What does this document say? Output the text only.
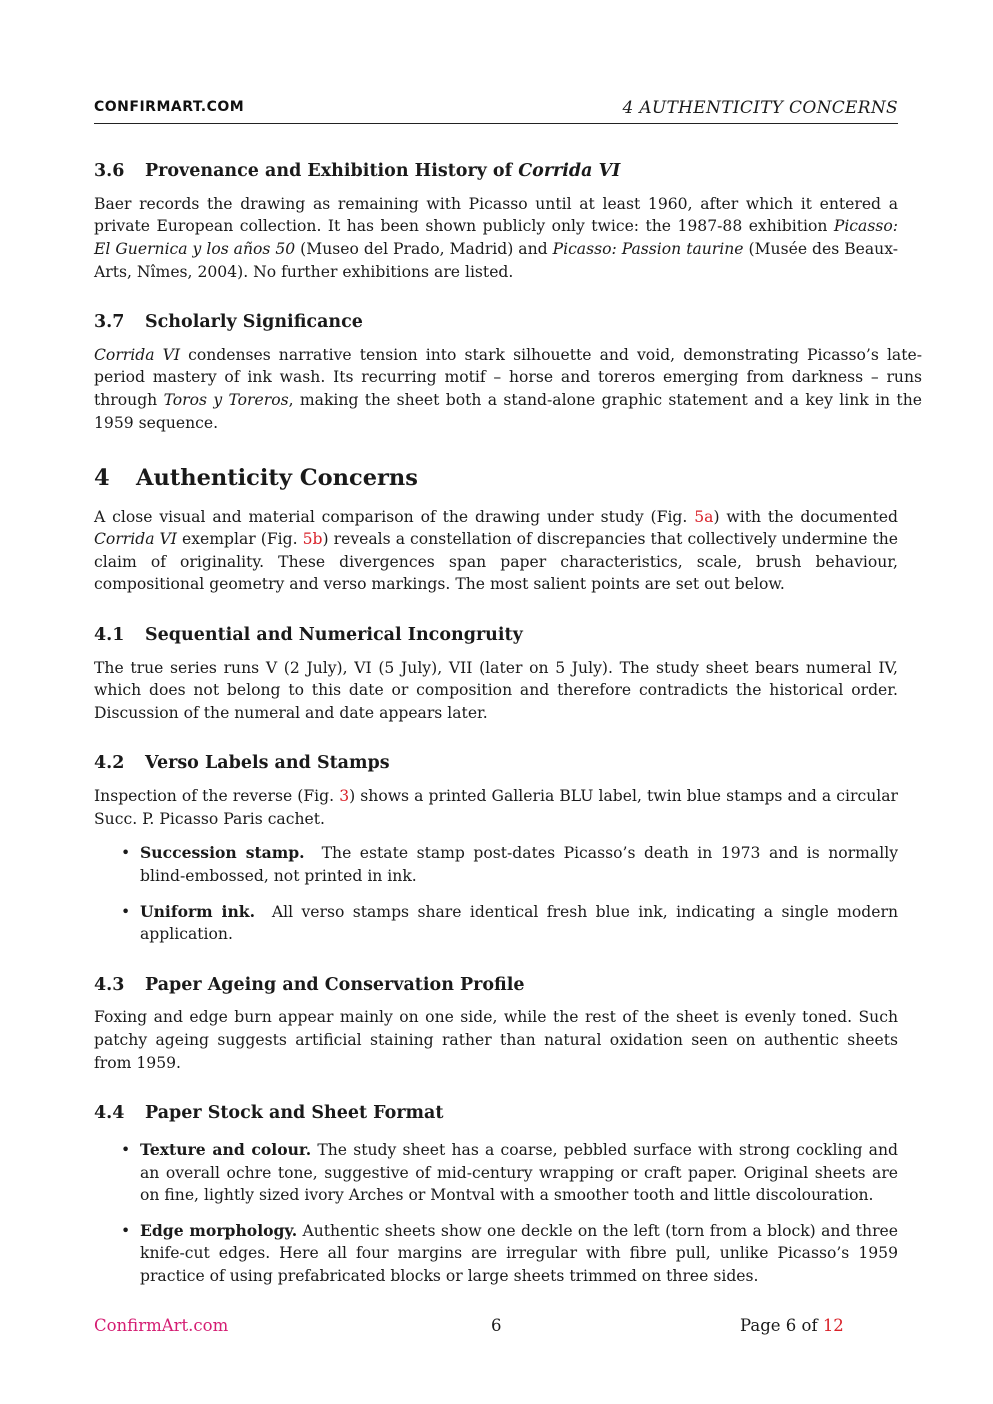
CONFIRMART.COM	4 AUTHENTICITY CONCERNS
3.6 Provenance and Exhibition History of Corrida VI

Baer records the drawing as remaining with Picasso until at least 1960, after which it entered a private European collection. It has been shown publicly only twice: the 1987-88 exhibition Picasso: El Guernica y los años 50 (Museo del Prado, Madrid) and Picasso: Passion taurine (Musée des Beaux-Arts, Nîmes, 2004). No further exhibitions are listed.

3.7 Scholarly Significance

Corrida VI condenses narrative tension into stark silhouette and void, demonstrating Picasso’s late-period mastery of ink wash. Its recurring motif – horse and toreros emerging from darkness – runs through Toros y Toreros, making the sheet both a stand-alone graphic statement and a key link in the 1959 sequence.

4 Authenticity Concerns

A close visual and material comparison of the drawing under study (Fig. 5a) with the documented Corrida VI exemplar (Fig. 5b) reveals a constellation of discrepancies that collectively undermine the claim of originality. These divergences span paper characteristics, scale, brush behaviour, compositional geometry and verso markings. The most salient points are set out below.

4.1 Sequential and Numerical Incongruity

The true series runs V (2 July), VI (5 July), VII (later on 5 July). The study sheet bears numeral IV, which does not belong to this date or composition and therefore contradicts the historical order. Discussion of the numeral and date appears later.

4.2 Verso Labels and Stamps

Inspection of the reverse (Fig. 3) shows a printed Galleria BLU label, twin blue stamps and a circular Succ. P. Picasso Paris cachet.

• Succession stamp. The estate stamp post-dates Picasso’s death in 1973 and is normally blind-embossed, not printed in ink.
• Uniform ink. All verso stamps share identical fresh blue ink, indicating a single modern application.
4.3 Paper Ageing and Conservation Profile

Foxing and edge burn appear mainly on one side, while the rest of the sheet is evenly toned. Such patchy ageing suggests artificial staining rather than natural oxidation seen on authentic sheets from 1959.

4.4 Paper Stock and Sheet Format
• Texture and colour. The study sheet has a coarse, pebbled surface with strong cockling and an overall ochre tone, suggestive of mid-century wrapping or craft paper. Original sheets are on fine, lightly sized ivory Arches or Montval with a smoother tooth and little discolouration.
• Edge morphology. Authentic sheets show one deckle on the left (torn from a block) and three knife-cut edges. Here all four margins are irregular with fibre pull, unlike Picasso’s 1959 practice of using prefabricated blocks or large sheets trimmed on three sides.
ConfirmArt.com	6	Page 6 of 12
